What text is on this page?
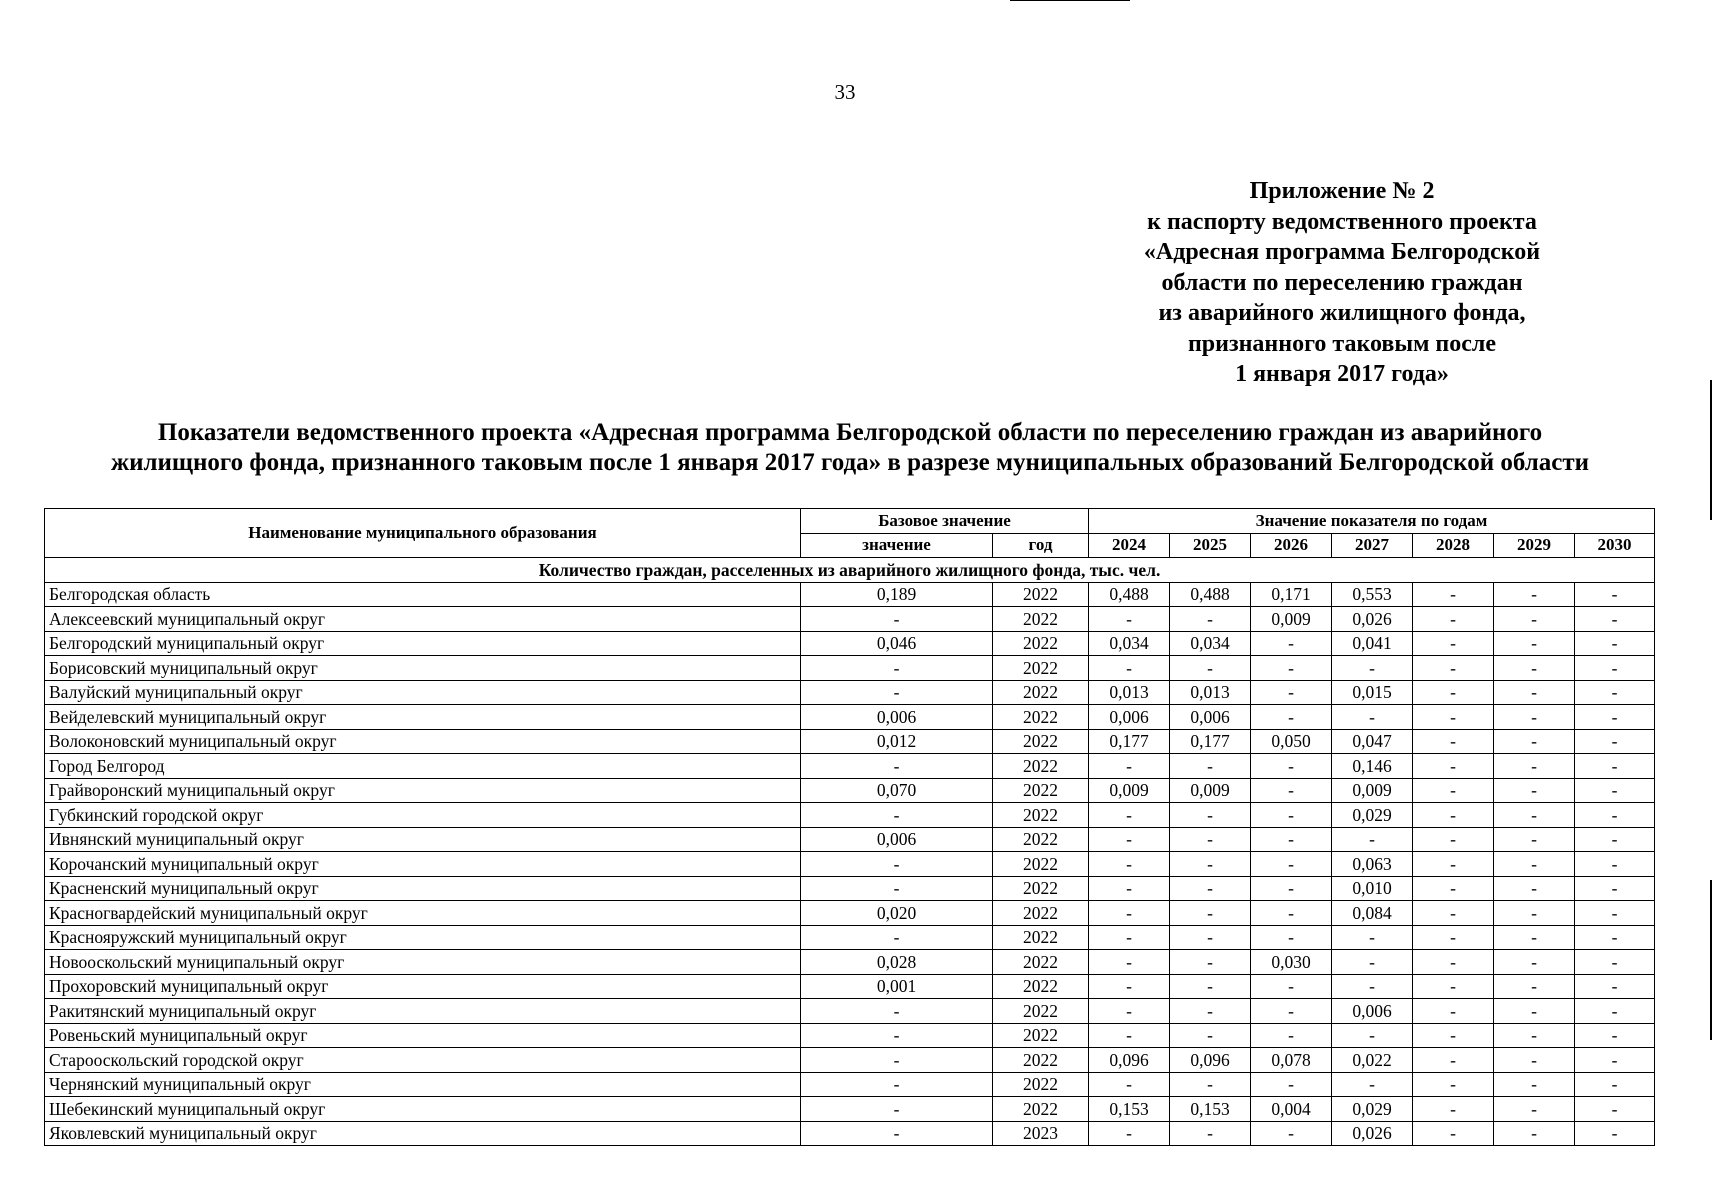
33
Приложение № 2
к паспорту ведомственного проекта
«Адресная программа Белгородской
области по переселению граждан
из аварийного жилищного фонда,
признанного таковым после
1 января 2017 года»
Показатели ведомственного проекта «Адресная программа Белгородской области по переселению граждан из аварийного
жилищного фонда, признанного таковым после 1 января 2017 года» в разрезе муниципальных образований Белгородской области
Наименование муниципального образования	Базовое значение		Значение показателя по годам						
	значение	год	2024	2025	2026	2027	2028	2029	2030
Количество граждан, расселенных из аварийного жилищного фонда, тыс. чел.									
Белгородская область	0,189	2022	0,488	0,488	0,171	0,553	-	-	-
Алексеевский муниципальный округ	-	2022	-	-	0,009	0,026	-	-	-
Белгородский муниципальный округ	0,046	2022	0,034	0,034	-	0,041	-	-	-
Борисовский муниципальный округ	-	2022	-	-	-	-	-	-	-
Валуйский муниципальный округ	-	2022	0,013	0,013	-	0,015	-	-	-
Вейделевский муниципальный округ	0,006	2022	0,006	0,006	-	-	-	-	-
Волоконовский муниципальный округ	0,012	2022	0,177	0,177	0,050	0,047	-	-	-
Город Белгород	-	2022	-	-	-	0,146	-	-	-
Грайворонский муниципальный округ	0,070	2022	0,009	0,009	-	0,009	-	-	-
Губкинский городской округ	-	2022	-	-	-	0,029	-	-	-
Ивнянский муниципальный округ	0,006	2022	-	-	-	-	-	-	-
Корочанский муниципальный округ	-	2022	-	-	-	0,063	-	-	-
Красненский муниципальный округ	-	2022	-	-	-	0,010	-	-	-
Красногвардейский муниципальный округ	0,020	2022	-	-	-	0,084	-	-	-
Краснояружский муниципальный округ	-	2022	-	-	-	-	-	-	-
Новооскольский муниципальный округ	0,028	2022	-	-	0,030	-	-	-	-
Прохоровский муниципальный округ	0,001	2022	-	-	-	-	-	-	-
Ракитянский муниципальный округ	-	2022	-	-	-	0,006	-	-	-
Ровеньский муниципальный округ	-	2022	-	-	-	-	-	-	-
Старооскольский городской округ	-	2022	0,096	0,096	0,078	0,022	-	-	-
Чернянский муниципальный округ	-	2022	-	-	-	-	-	-	-
Шебекинский муниципальный округ	-	2022	0,153	0,153	0,004	0,029	-	-	-
Яковлевский муниципальный округ	-	2023	-	-	-	0,026	-	-	-
